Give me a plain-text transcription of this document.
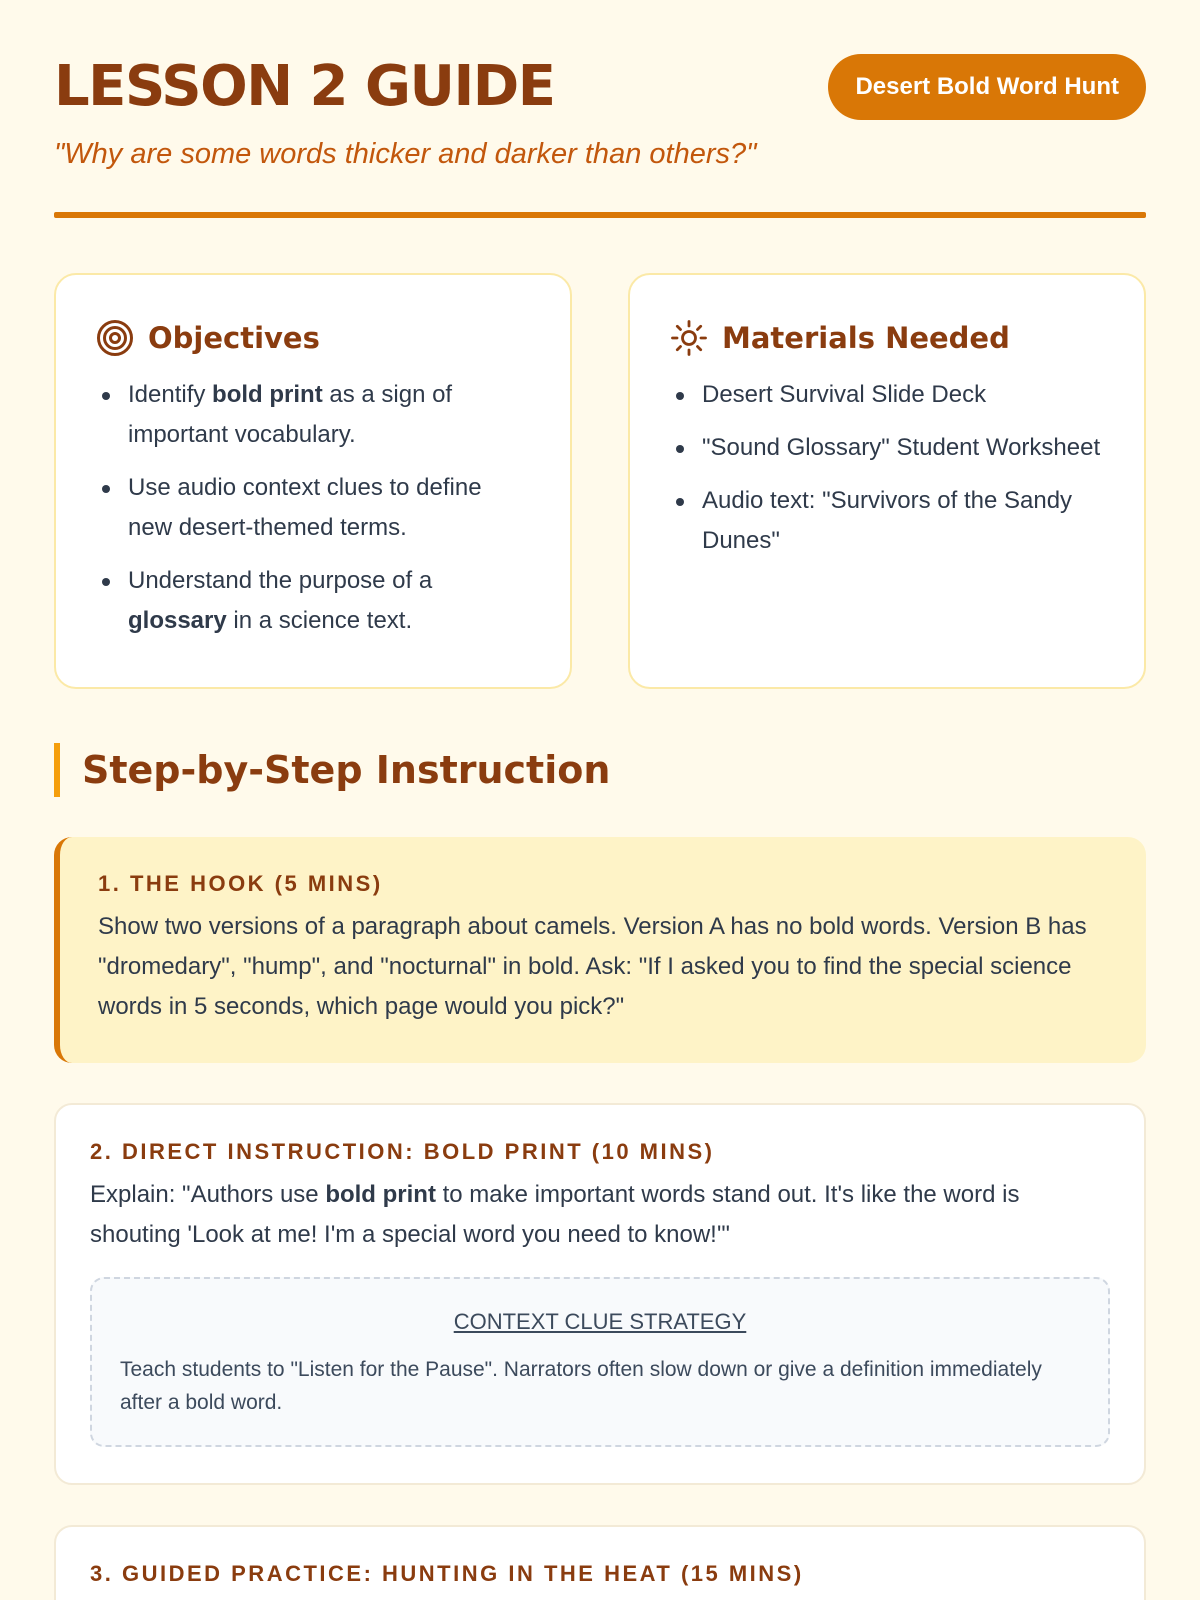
LESSON 2 GUIDE	Desert Bold Word Hunt
"Why are some words thicker and darker than others?"
Objectives
Identify bold print as a sign of important vocabulary.
Use audio context clues to define new desert-themed terms.
Understand the purpose of a glossary in a science text.
Materials Needed
Desert Survival Slide Deck
"Sound Glossary" Student Worksheet
Audio text: "Survivors of the Sandy Dunes"
Step-by-Step Instruction
1. THE HOOK (5 MINS)
Show two versions of a paragraph about camels. Version A has no bold words. Version B has "dromedary", "hump", and "nocturnal" in bold. Ask: "If I asked you to find the special science words in 5 seconds, which page would you pick?"
2. DIRECT INSTRUCTION: BOLD PRINT (10 MINS)
Explain: "Authors use bold print to make important words stand out. It's like the word is shouting 'Look at me! I'm a special word you need to know!'"
CONTEXT CLUE STRATEGY
Teach students to "Listen for the Pause". Narrators often slow down or give a definition immediately after a bold word.
3. GUIDED PRACTICE: HUNTING IN THE HEAT (15 MINS)
